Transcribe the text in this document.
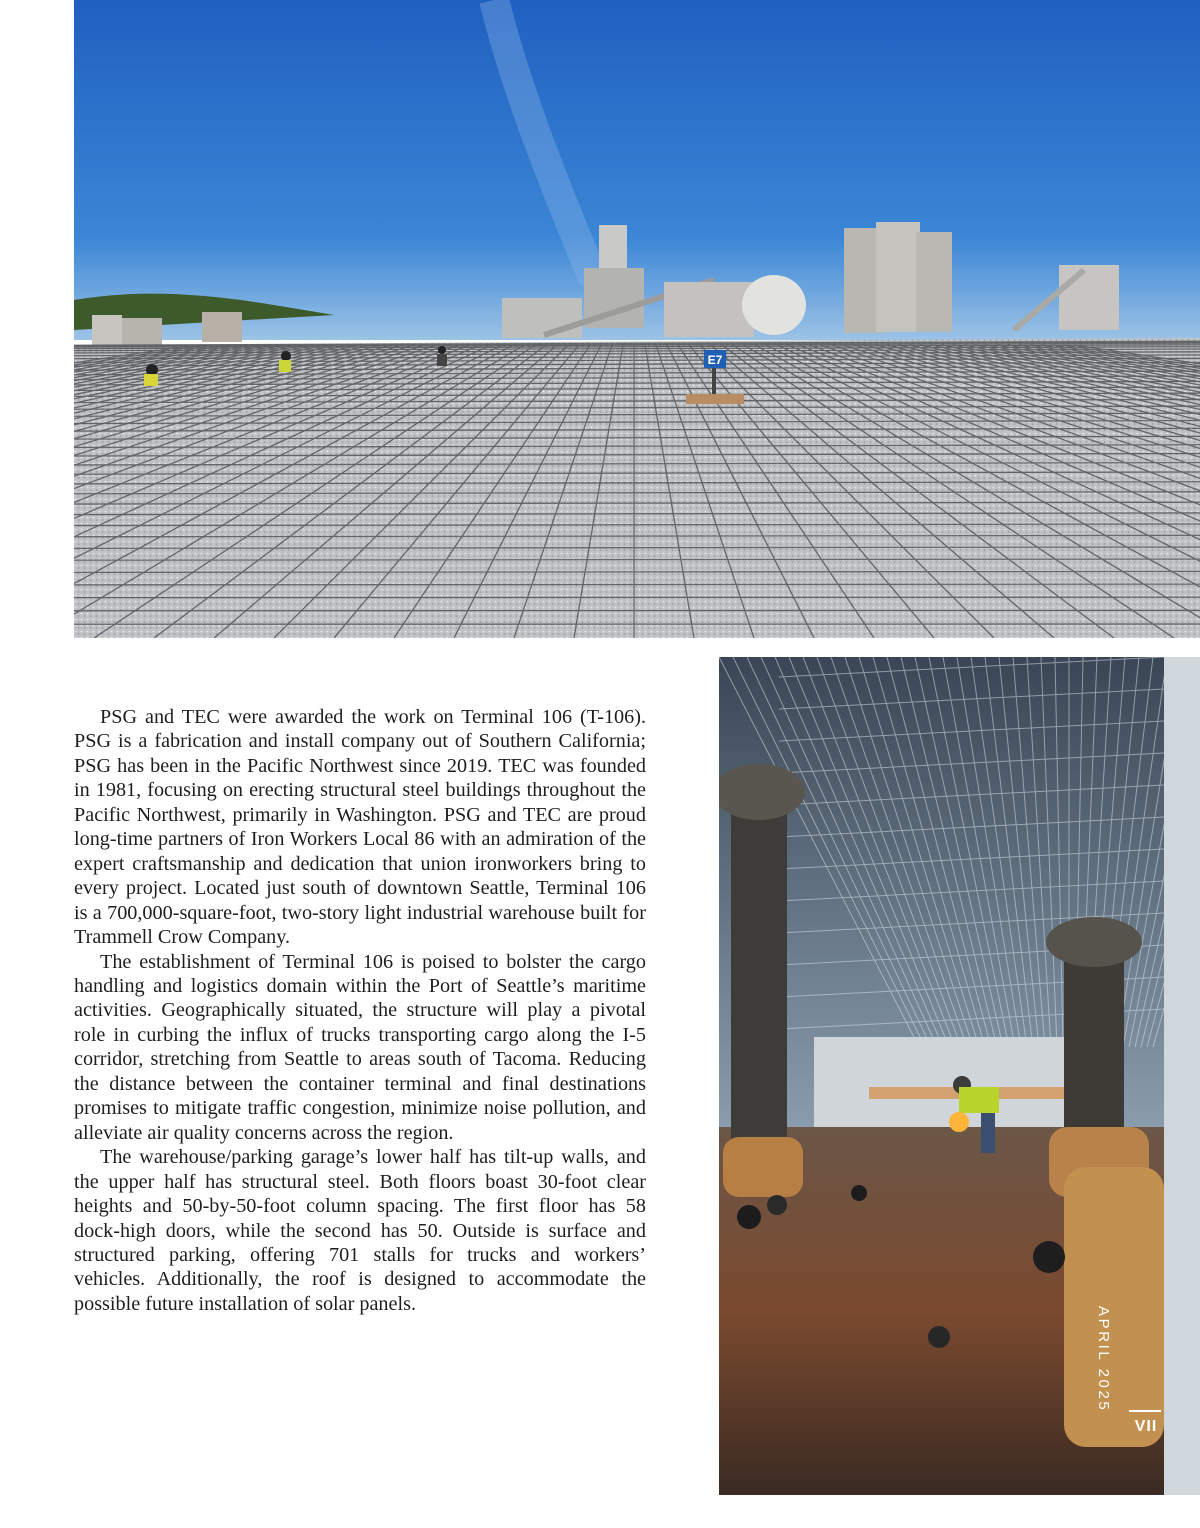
E7

PSG and TEC were awarded the work on Terminal 106 (T-106). PSG is a fabrication and install company out of Southern California; PSG has been in the Pacific Northwest since 2019. TEC was founded in 1981, focusing on erecting structural steel buildings throughout the Pacific Northwest, primarily in Washington. PSG and TEC are proud long-time partners of Iron Workers Local 86 with an admiration of the expert craftsmanship and dedication that union ironworkers bring to every project. Located just south of downtown Seattle, Terminal 106 is a 700,000-square-foot, two-story light industrial warehouse built for Trammell Crow Company.

The establishment of Terminal 106 is poised to bolster the cargo handling and logistics domain within the Port of Seattle’s maritime activities. Geographically situated, the structure will play a pivotal role in curbing the influx of trucks transporting cargo along the I-5 corridor, stretching from Seattle to areas south of Tacoma. Reducing the distance between the container terminal and final destinations promises to mitigate traffic congestion, minimize noise pollution, and alleviate air quality concerns across the region.

The warehouse/parking garage’s lower half has tilt-up walls, and the upper half has structural steel. Both floors boast 30-foot clear heights and 50-by-50-foot column spacing. The first floor has 58 dock-high doors, while the second has 50. Outside is surface and structured parking, offering 701 stalls for trucks and workers’ vehicles. Additionally, the roof is designed to accommodate the possible future installation of solar panels.

APRIL 2025
VII
